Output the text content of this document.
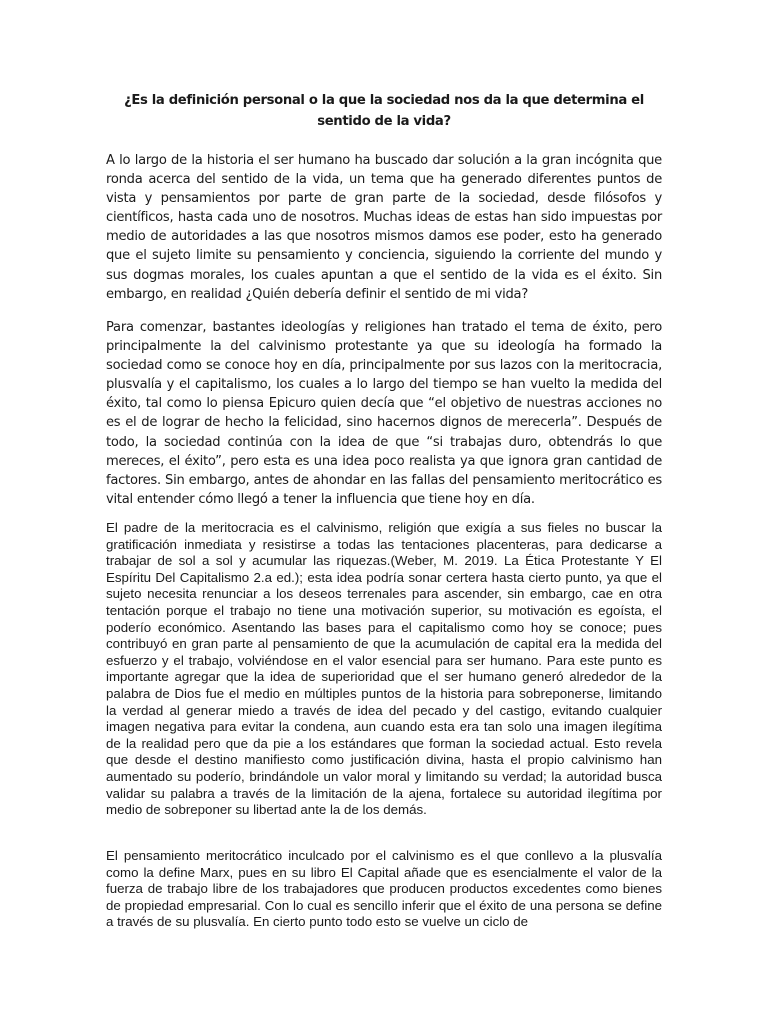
¿Es la definición personal o la que la sociedad nos da la que determina el sentido de la vida?

A lo largo de la historia el ser humano ha buscado dar solución a la gran incógnita que ronda acerca del sentido de la vida, un tema que ha generado diferentes puntos de vista y pensamientos por parte de gran parte de la sociedad, desde filósofos y científicos, hasta cada uno de nosotros. Muchas ideas de estas han sido impuestas por medio de autoridades a las que nosotros mismos damos ese poder, esto ha generado que el sujeto limite su pensamiento y conciencia, siguiendo la corriente del mundo y sus dogmas morales, los cuales apuntan a que el sentido de la vida es el éxito. Sin embargo, en realidad ¿Quién debería definir el sentido de mi vida?

Para comenzar, bastantes ideologías y religiones han tratado el tema de éxito, pero principalmente la del calvinismo protestante ya que su ideología ha formado la sociedad como se conoce hoy en día, principalmente por sus lazos con la meritocracia, plusvalía y el capitalismo, los cuales a lo largo del tiempo se han vuelto la medida del éxito, tal como lo piensa Epicuro quien decía que “el objetivo de nuestras acciones no es el de lograr de hecho la felicidad, sino hacernos dignos de merecerla”. Después de todo, la sociedad continúa con la idea de que “si trabajas duro, obtendrás lo que mereces, el éxito”, pero esta es una idea poco realista ya que ignora gran cantidad de factores. Sin embargo, antes de ahondar en las fallas del pensamiento meritocrático es vital entender cómo llegó a tener la influencia que tiene hoy en día.

El padre de la meritocracia es el calvinismo, religión que exigía a sus fieles no buscar la gratificación inmediata y resistirse a todas las tentaciones placenteras, para dedicarse a trabajar de sol a sol y acumular las riquezas.(Weber, M. 2019. La Ética Protestante Y El Espíritu Del Capitalismo 2.a ed.); esta idea podría sonar certera hasta cierto punto, ya que el sujeto necesita renunciar a los deseos terrenales para ascender, sin embargo, cae en otra tentación porque el trabajo no tiene una motivación superior, su motivación es egoísta, el poderío económico. Asentando las bases para el capitalismo como hoy se conoce; pues contribuyó en gran parte al pensamiento de que la acumulación de capital era la medida del esfuerzo y el trabajo, volviéndose en el valor esencial para ser humano. Para este punto es importante agregar que la idea de superioridad que el ser humano generó alrededor de la palabra de Dios fue el medio en múltiples puntos de la historia para sobreponerse, limitando la verdad al generar miedo a través de idea del pecado y del castigo, evitando cualquier imagen negativa para evitar la condena, aun cuando esta era tan solo una imagen ilegítima de la realidad pero que da pie a los estándares que forman la sociedad actual. Esto revela que desde el destino manifiesto como justificación divina, hasta el propio calvinismo han aumentado su poderío, brindándole un valor moral y limitando su verdad; la autoridad busca validar su palabra a través de la limitación de la ajena, fortalece su autoridad ilegítima por medio de sobreponer su libertad ante la de los demás.

El pensamiento meritocrático inculcado por el calvinismo es el que conllevo a la plusvalía como la define Marx, pues en su libro El Capital añade que es esencialmente el valor de la fuerza de trabajo libre de los trabajadores que producen productos excedentes como bienes de propiedad empresarial. Con lo cual es sencillo inferir que el éxito de una persona se define a través de su plusvalía. En cierto punto todo esto se vuelve un ciclo de
